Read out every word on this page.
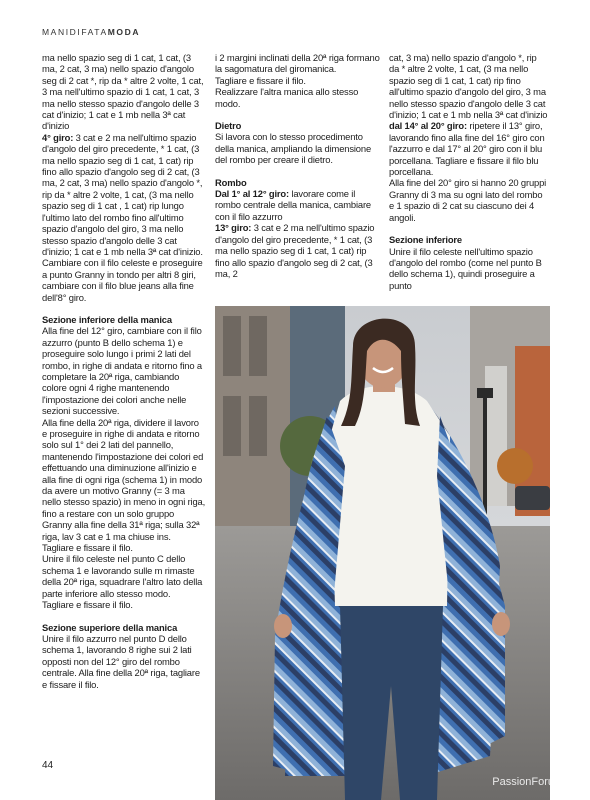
MANIDIFATAMODA

ma nello spazio seg di 1 cat, 1 cat, (3 ma, 2 cat, 3 ma) nello spazio d'angolo seg di 2 cat *, rip da * altre 2 volte, 1 cat, 3 ma nell'ultimo spazio di 1 cat, 1 cat, 3 ma nello stesso spazio d'angolo delle 3 cat d'inizio; 1 cat e 1 mb nella 3ª cat d'inizio

4° giro: 3 cat e 2 ma nell'ultimo spazio d'angolo del giro precedente, * 1 cat, (3 ma nello spazio seg di 1 cat, 1 cat) rip fino allo spazio d'angolo seg di 2 cat, (3 ma, 2 cat, 3 ma) nello spazio d'angolo *, rip da * altre 2 volte, 1 cat, (3 ma nello spazio seg di 1 cat , 1 cat) rip lungo l'ultimo lato del rombo fino all'ultimo spazio d'angolo del giro, 3 ma nello stesso spazio d'angolo delle 3 cat d'inizio; 1 cat e 1 mb nella 3ª cat d'inizio.

Cambiare con il filo celeste e proseguire a punto Granny in tondo per altri 8 giri, cambiare con il filo blue jeans alla fine dell'8° giro.

Sezione inferiore della manica

Alla fine del 12° giro, cambiare con il filo azzurro (punto B dello schema 1) e proseguire solo lungo i primi 2 lati del rombo, in righe di andata e ritorno fino a completare la 20ª riga, cambiando colore ogni 4 righe mantenendo l'impostazione dei colori anche nelle sezioni successive.

Alla fine della 20ª riga, dividere il lavoro e proseguire in righe di andata e ritorno solo sul 1° dei 2 lati del pannello, mantenendo l'impostazione dei colori ed effettuando una diminuzione all'inizio e alla fine di ogni riga (schema 1) in modo da avere un motivo Granny (= 3 ma nello stesso spazio) in meno in ogni riga, fino a restare con un solo gruppo Granny alla fine della 31ª riga; sulla 32ª riga, lav 3 cat e 1 ma chiuse ins.

Tagliare e fissare il filo.

Unire il filo celeste nel punto C dello schema 1 e lavorando sulle m rimaste della 20ª riga, squadrare l'altro lato della parte inferiore allo stesso modo.

Tagliare e fissare il filo.

Sezione superiore della manica

Unire il filo azzurro nel punto D dello schema 1, lavorando 8 righe sui 2 lati opposti non del 12° giro del rombo centrale. Alla fine della 20ª riga, tagliare e fissare il filo.

i 2 margini inclinati della 20ª riga formano la sagomatura del giromanica.

Tagliare e fissare il filo.

Realizzare l'altra manica allo stesso modo.

Dietro

Si lavora con lo stesso procedimento della manica, ampliando la dimensione del rombo per creare il dietro.

Rombo

Dal 1° al 12° giro: lavorare come il rombo centrale della manica, cambiare con il filo azzurro

13° giro: 3 cat e 2 ma nell'ultimo spazio d'angolo del giro precedente, * 1 cat, (3 ma nello spazio seg di 1 cat, 1 cat) rip fino allo spazio d'angolo seg di 2 cat, (3 ma, 2

cat, 3 ma) nello spazio d'angolo *, rip da * altre 2 volte, 1 cat, (3 ma nello spazio seg di 1 cat, 1 cat) rip fino all'ultimo spazio d'angolo del giro, 3 ma nello stesso spazio d'angolo delle 3 cat d'inizio; 1 cat e 1 mb nella 3ª cat d'inizio

dal 14° al 20° giro: ripetere il 13° giro, lavorando fino alla fine del 16° giro con l'azzurro e dal 17° al 20° giro con il blu porcellana. Tagliare e fissare il filo blu porcellana.

Alla fine del 20° giro si hanno 20 gruppi Granny di 3 ma su ogni lato del rombo e 1 spazio di 2 cat su ciascuno dei 4 angoli.

Sezione inferiore

Unire il filo celeste nell'ultimo spazio d'angolo del rombo (come nel punto B dello schema 1), quindi proseguire a punto

44
PassionForum.ru
